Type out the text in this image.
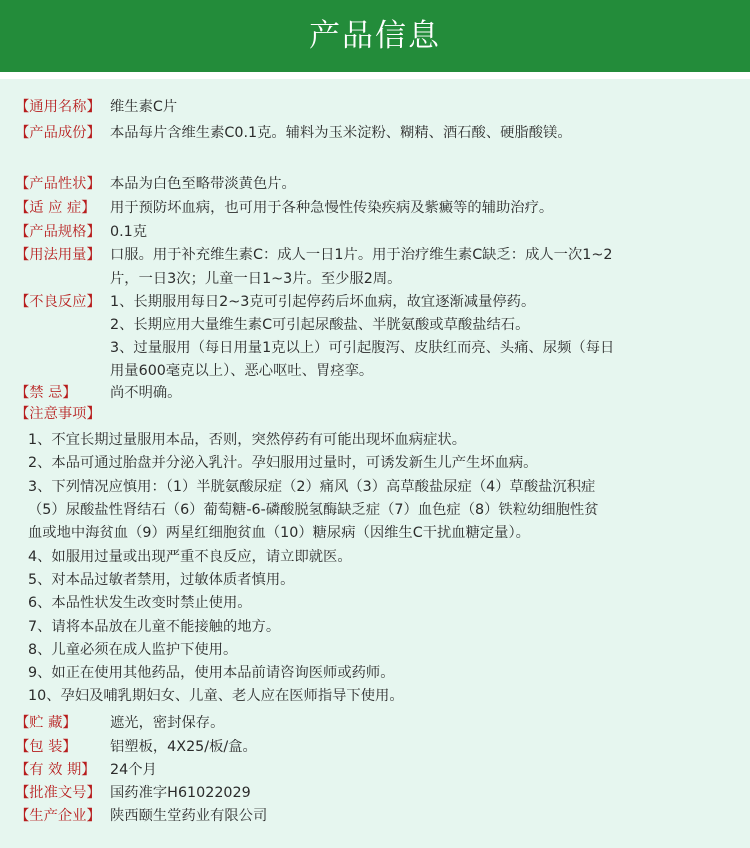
产品信息
【通用名称】 维生素C片
【产品成份】 本品每片含维生素C0.1克。辅料为玉米淀粉、糊精、酒石酸、硬脂酸镁。
【产品性状】 本品为白色至略带淡黄色片。
【适 应 症】 用于预防坏血病，也可用于各种急慢性传染疾病及紫癜等的辅助治疗。
【产品规格】 0.1克
【用法用量】 口服。用于补充维生素C：成人一日1片。用于治疗维生素C缺乏：成人一次1~2
片，一日3次；儿童一日1~3片。至少服2周。
【不良反应】 1、长期服用每日2~3克可引起停药后坏血病，故宜逐渐减量停药。
2、长期应用大量维生素C可引起尿酸盐、半胱氨酸或草酸盐结石。
3、过量服用（每日用量1克以上）可引起腹泻、皮肤红而亮、头痛、尿频（每日
用量600毫克以上）、恶心呕吐、胃痉挛。
【禁 忌】 尚不明确。
【注意事项】
1、不宜长期过量服用本品，否则，突然停药有可能出现坏血病症状。
2、本品可通过胎盘并分泌入乳汁。孕妇服用过量时，可诱发新生儿产生坏血病。
3、下列情况应慎用：（1）半胱氨酸尿症（2）痛风（3）高草酸盐尿症（4）草酸盐沉积症
（5）尿酸盐性肾结石（6）葡萄糖-6-磷酸脱氢酶缺乏症（7）血色症（8）铁粒幼细胞性贫
血或地中海贫血（9）两星红细胞贫血（10）糖尿病（因维生C干扰血糖定量）。
4、如服用过量或出现严重不良反应，请立即就医。
5、对本品过敏者禁用，过敏体质者慎用。
6、本品性状发生改变时禁止使用。
7、请将本品放在儿童不能接触的地方。
8、儿童必须在成人监护下使用。
9、如正在使用其他药品，使用本品前请咨询医师或药师。
10、孕妇及哺乳期妇女、儿童、老人应在医师指导下使用。
【贮 藏】 遮光，密封保存。
【包 装】 铝塑板，4X25/板/盒。
【有 效 期】 24个月
【批准文号】 国药准字H61022029
【生产企业】 陕西颐生堂药业有限公司
